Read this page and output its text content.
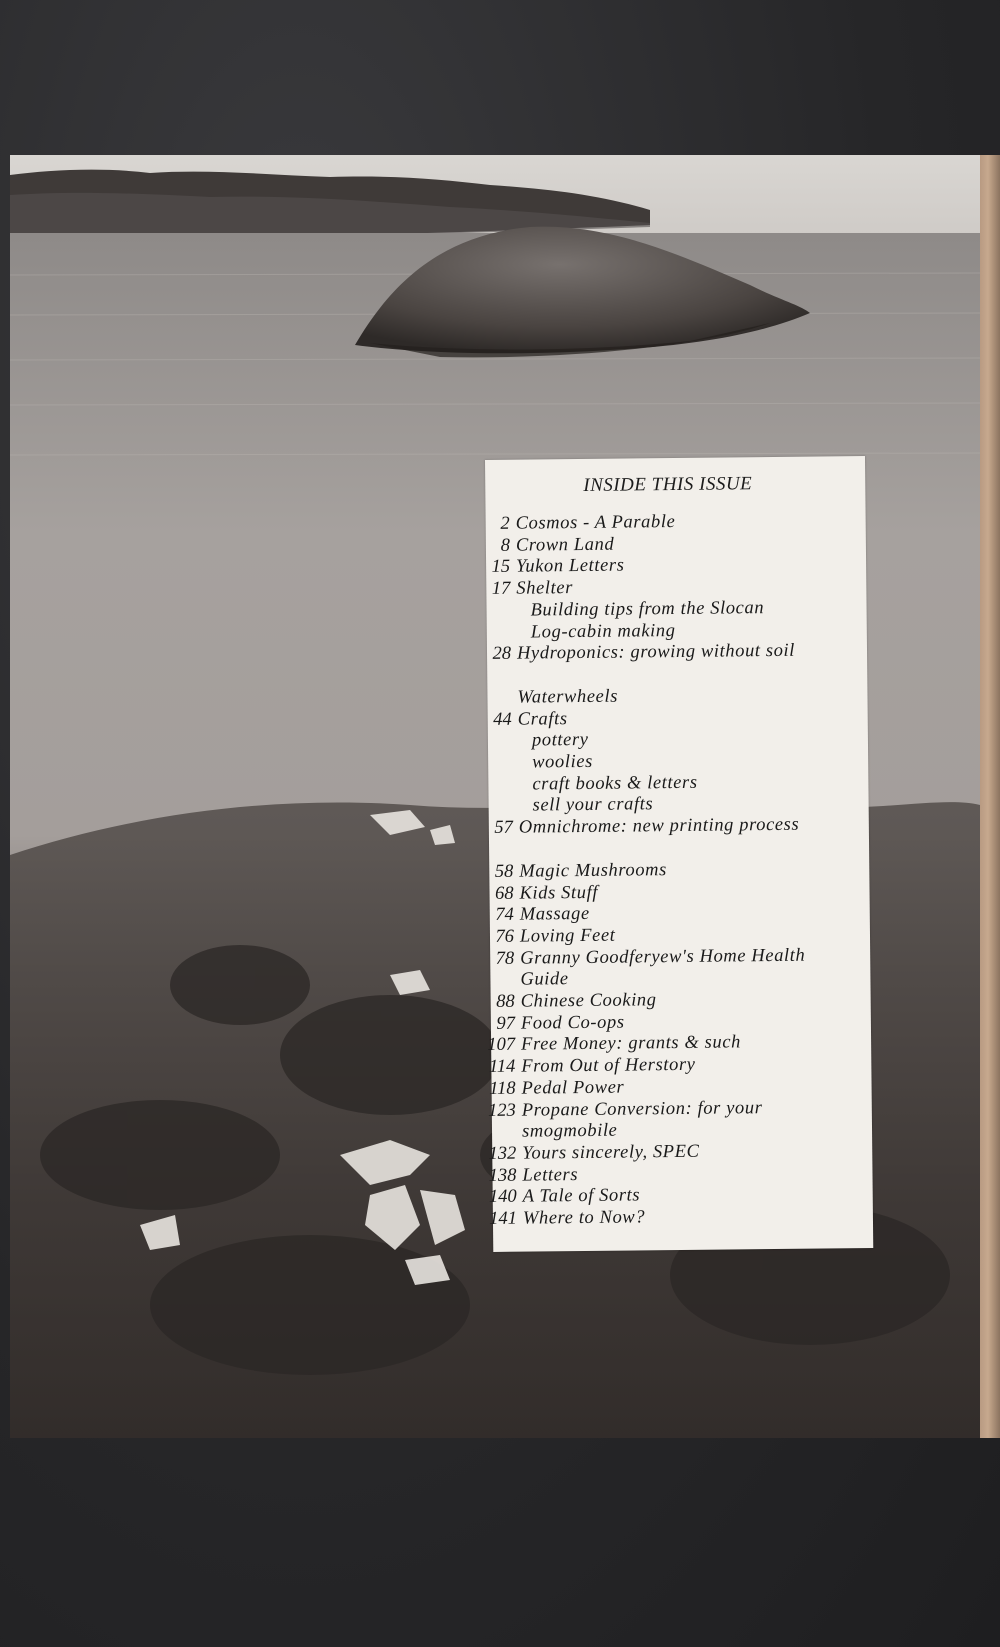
INSIDE THIS ISSUE
2 Cosmos - A Parable
8 Crown Land
15 Yukon Letters
17 Shelter
Building tips from the Slocan
Log-cabin making
28 Hydroponics: growing without soil
Waterwheels
44 Crafts
pottery
woolies
craft books & letters
sell your crafts
57 Omnichrome: new printing process
58 Magic Mushrooms
68 Kids Stuff
74 Massage
76 Loving Feet
78 Granny Goodferyew's Home Health
Guide
88 Chinese Cooking
97 Food Co-ops
107 Free Money: grants & such
114 From Out of Herstory
118 Pedal Power
123 Propane Conversion: for your
smogmobile
132 Yours sincerely, SPEC
138 Letters
140 A Tale of Sorts
141 Where to Now?
